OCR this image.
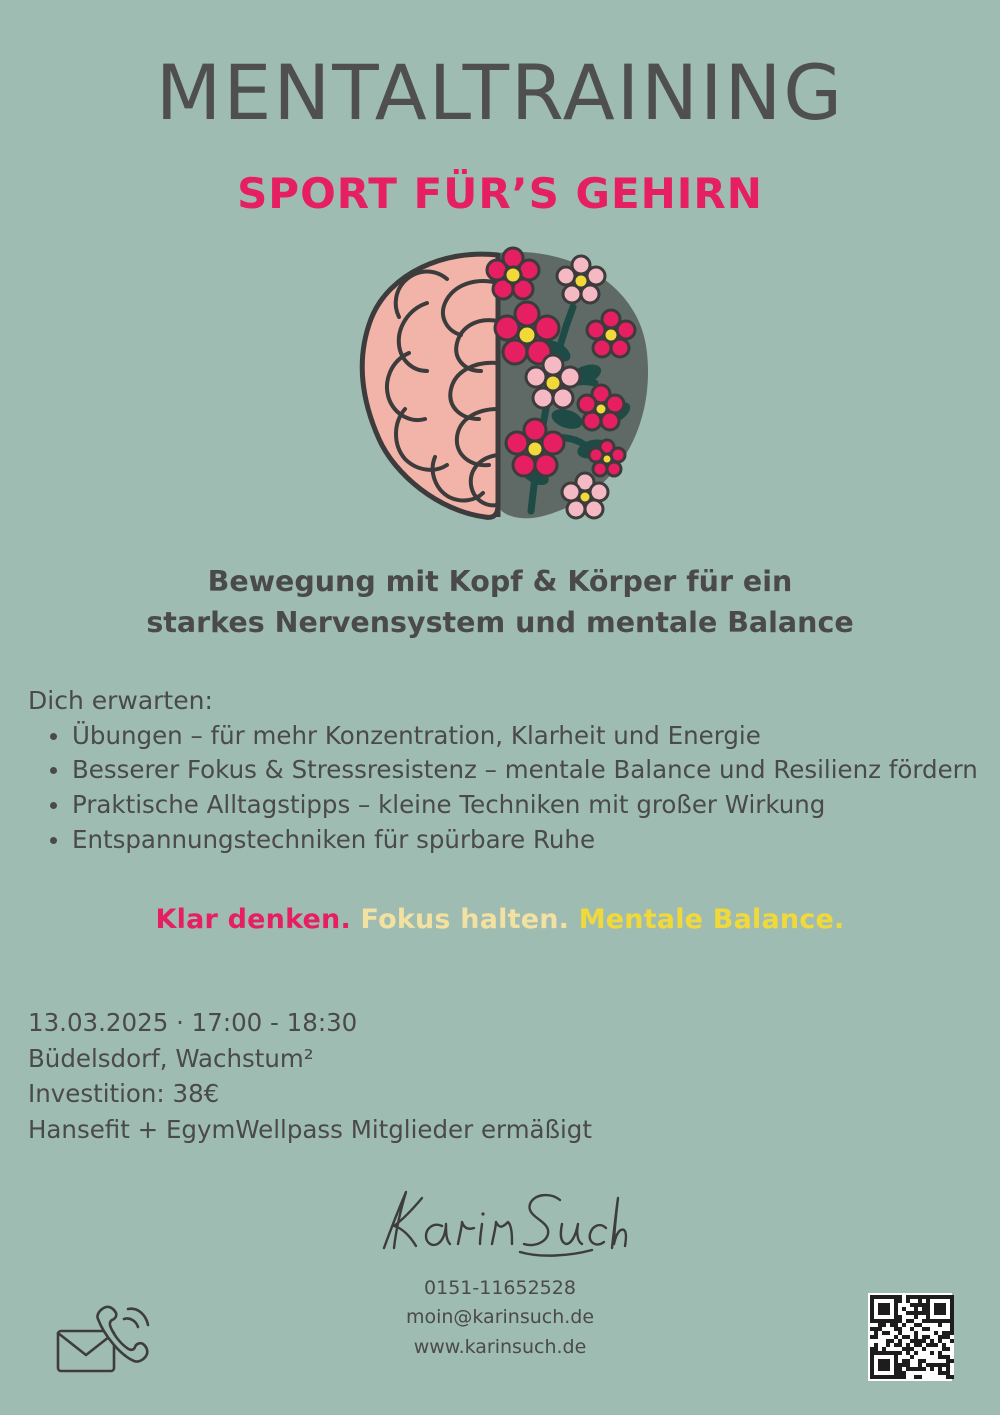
MENTALTRAINING
SPORT FÜR’S GEHIRN
Bewegung mit Kopf & Körper für ein
starkes Nervensystem und mentale Balance
Dich erwarten:
Übungen – für mehr Konzentration, Klarheit und Energie
Besserer Fokus & Stressresistenz – mentale Balance und Resilienz fördern
Praktische Alltagstipps – kleine Techniken mit großer Wirkung
Entspannungstechniken für spürbare Ruhe
Klar denken. Fokus halten. Mentale Balance.
13.03.2025 · 17:00 - 18:30
Büdelsdorf, Wachstum²
Investition: 38€
Hansefit + EgymWellpass Mitglieder ermäßigt
0151-11652528
moin@karinsuch.de
www.karinsuch.de
